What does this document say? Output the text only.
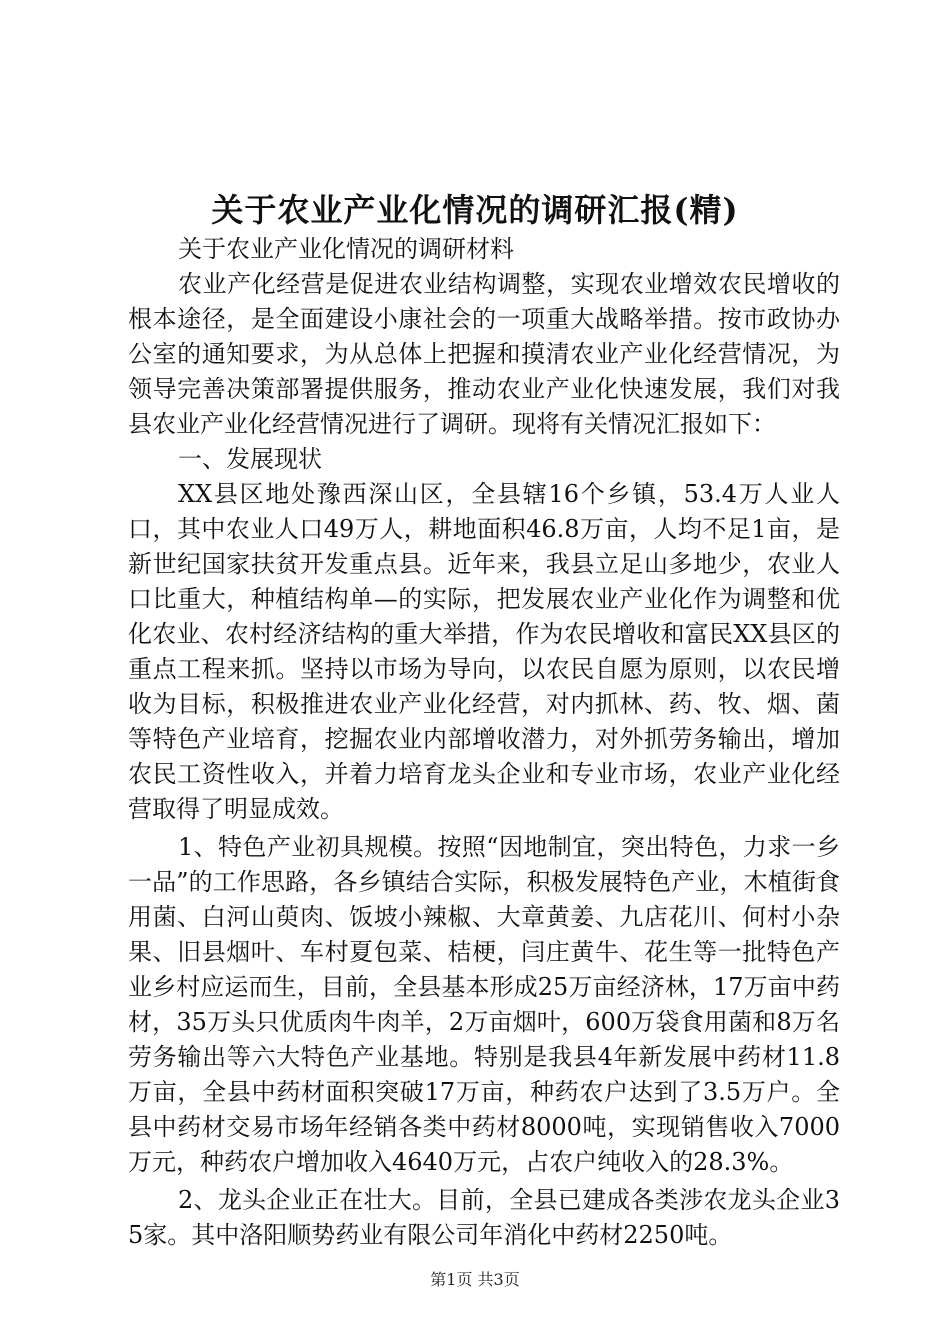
关于农业产业化情况的调研汇报(精)

关于农业产业化情况的调研材料

农业产化经营是促进农业结构调整，实现农业增效农民增收的根本途径，是全面建设小康社会的一项重大战略举措。按市政协办公室的通知要求，为从总体上把握和摸清农业产业化经营情况，为领导完善决策部署提供服务，推动农业产业化快速发展，我们对我县农业产业化经营情况进行了调研。现将有关情况汇报如下：

一、发展现状

XX县区地处豫西深山区，全县辖16个乡镇，53.4万人业人口，其中农业人口49万人，耕地面积46.8万亩，人均不足1亩，是新世纪国家扶贫开发重点县。近年来，我县立足山多地少，农业人口比重大，种植结构单—的实际，把发展农业产业化作为调整和优化农业、农村经济结构的重大举措，作为农民增收和富民XX县区的重点工程来抓。坚持以市场为导向，以农民自愿为原则，以农民增收为目标，积极推进农业产业化经营，对内抓林、药、牧、烟、菌等特色产业培育，挖掘农业内部增收潜力，对外抓劳务输出，增加农民工资性收入，并着力培育龙头企业和专业市场，农业产业化经营取得了明显成效。

1、特色产业初具规模。按照“因地制宜，突出特色，力求一乡一品”的工作思路，各乡镇结合实际，积极发展特色产业，木植街食用菌、白河山萸肉、饭坡小辣椒、大章黄姜、九店花川、何村小杂果、旧县烟叶、车村夏包菜、桔梗，闫庄黄牛、花生等一批特色产业乡村应运而生，目前，全县基本形成25万亩经济林，17万亩中药材，35万头只优质肉牛肉羊，2万亩烟叶，600万袋食用菌和8万名劳务输出等六大特色产业基地。特别是我县4年新发展中药材11.8万亩，全县中药材面积突破17万亩，种药农户达到了3.5万户。全县中药材交易市场年经销各类中药材8000吨，实现销售收入7000万元，种药农户增加收入4640万元，占农户纯收入的28.3%。

2、龙头企业正在壮大。目前，全县已建成各类涉农龙头企业35家。其中洛阳顺势药业有限公司年消化中药材2250吨。

第1页 共3页
